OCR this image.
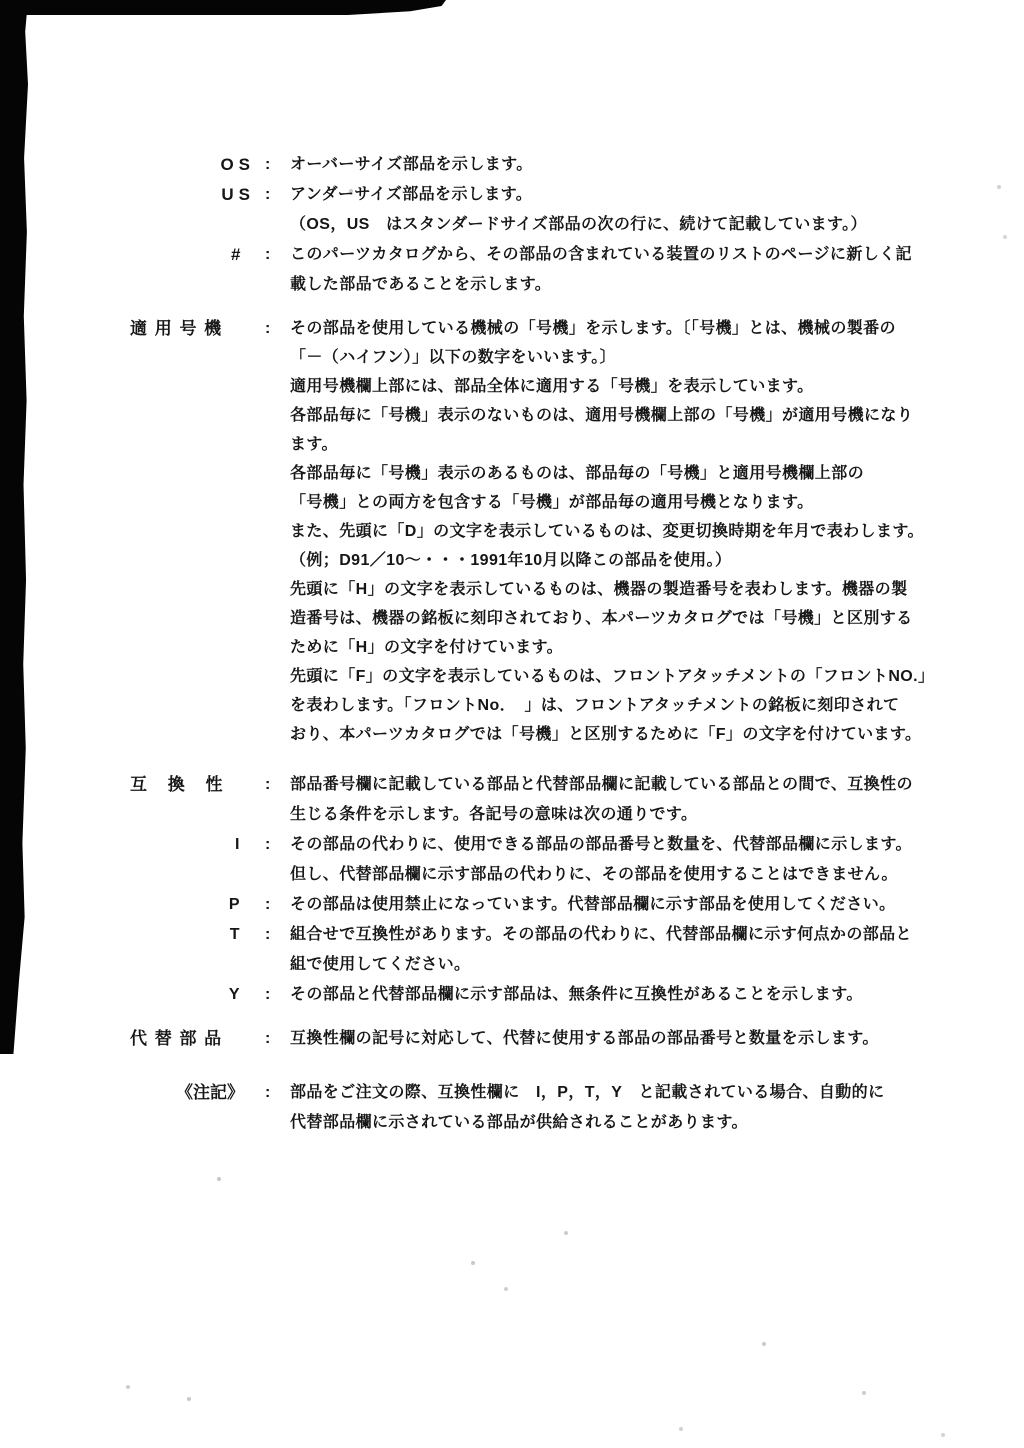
OS :	オーバーサイズ部品を示します。
US :	アンダーサイズ部品を示します。
（OS，US　はスタンダードサイズ部品の次の行に、続けて記載しています。）
#	:	このパーツカタログから、その部品の含まれている装置のリストのページに新しく記
載した部品であることを示します。
適 用 号 機	:	その部品を使用している機械の「号機」を示します。〔「号機」とは、機械の製番の
「－（ハイフン）」以下の数字をいいます。〕
適用号機欄上部には、部品全体に適用する「号機」を表示しています。
各部品毎に「号機」表示のないものは、適用号機欄上部の「号機」が適用号機になり
ます。
各部品毎に「号機」表示のあるものは、部品毎の「号機」と適用号機欄上部の
「号機」との両方を包含する「号機」が部品毎の適用号機となります。
また、先頭に「D」の文字を表示しているものは、変更切換時期を年月で表わします。
（例；D91／10～・・・1991年10月以降この部品を使用。）
先頭に「H」の文字を表示しているものは、機器の製造番号を表わします。機器の製
造番号は、機器の銘板に刻印されており、本パーツカタログでは「号機」と区別する
ために「H」の文字を付けています。
先頭に「F」の文字を表示しているものは、フロントアタッチメントの「フロントNO.」
を表わします。「フロントNo．　」は、フロントアタッチメントの銘板に刻印されて
おり、本パーツカタログでは「号機」と区別するために「F」の文字を付けています。
互 換 性	:	部品番号欄に記載している部品と代替部品欄に記載している部品との間で、互換性の
生じる条件を示します。各記号の意味は次の通りです。
I	:	その部品の代わりに、使用できる部品の部品番号と数量を、代替部品欄に示します。
但し、代替部品欄に示す部品の代わりに、その部品を使用することはできません。
P	:	その部品は使用禁止になっています。代替部品欄に示す部品を使用してください。
T	:	組合せで互換性があります。その部品の代わりに、代替部品欄に示す何点かの部品と
組で使用してください。
Y	:	その部品と代替部品欄に示す部品は、無条件に互換性があることを示します。
代 替 部 品	:	互換性欄の記号に対応して、代替に使用する部品の部品番号と数量を示します。
《注記》	:	部品をご注文の際、互換性欄に　I，P，T，Y　と記載されている場合、自動的に
代替部品欄に示されている部品が供給されることがあります。
